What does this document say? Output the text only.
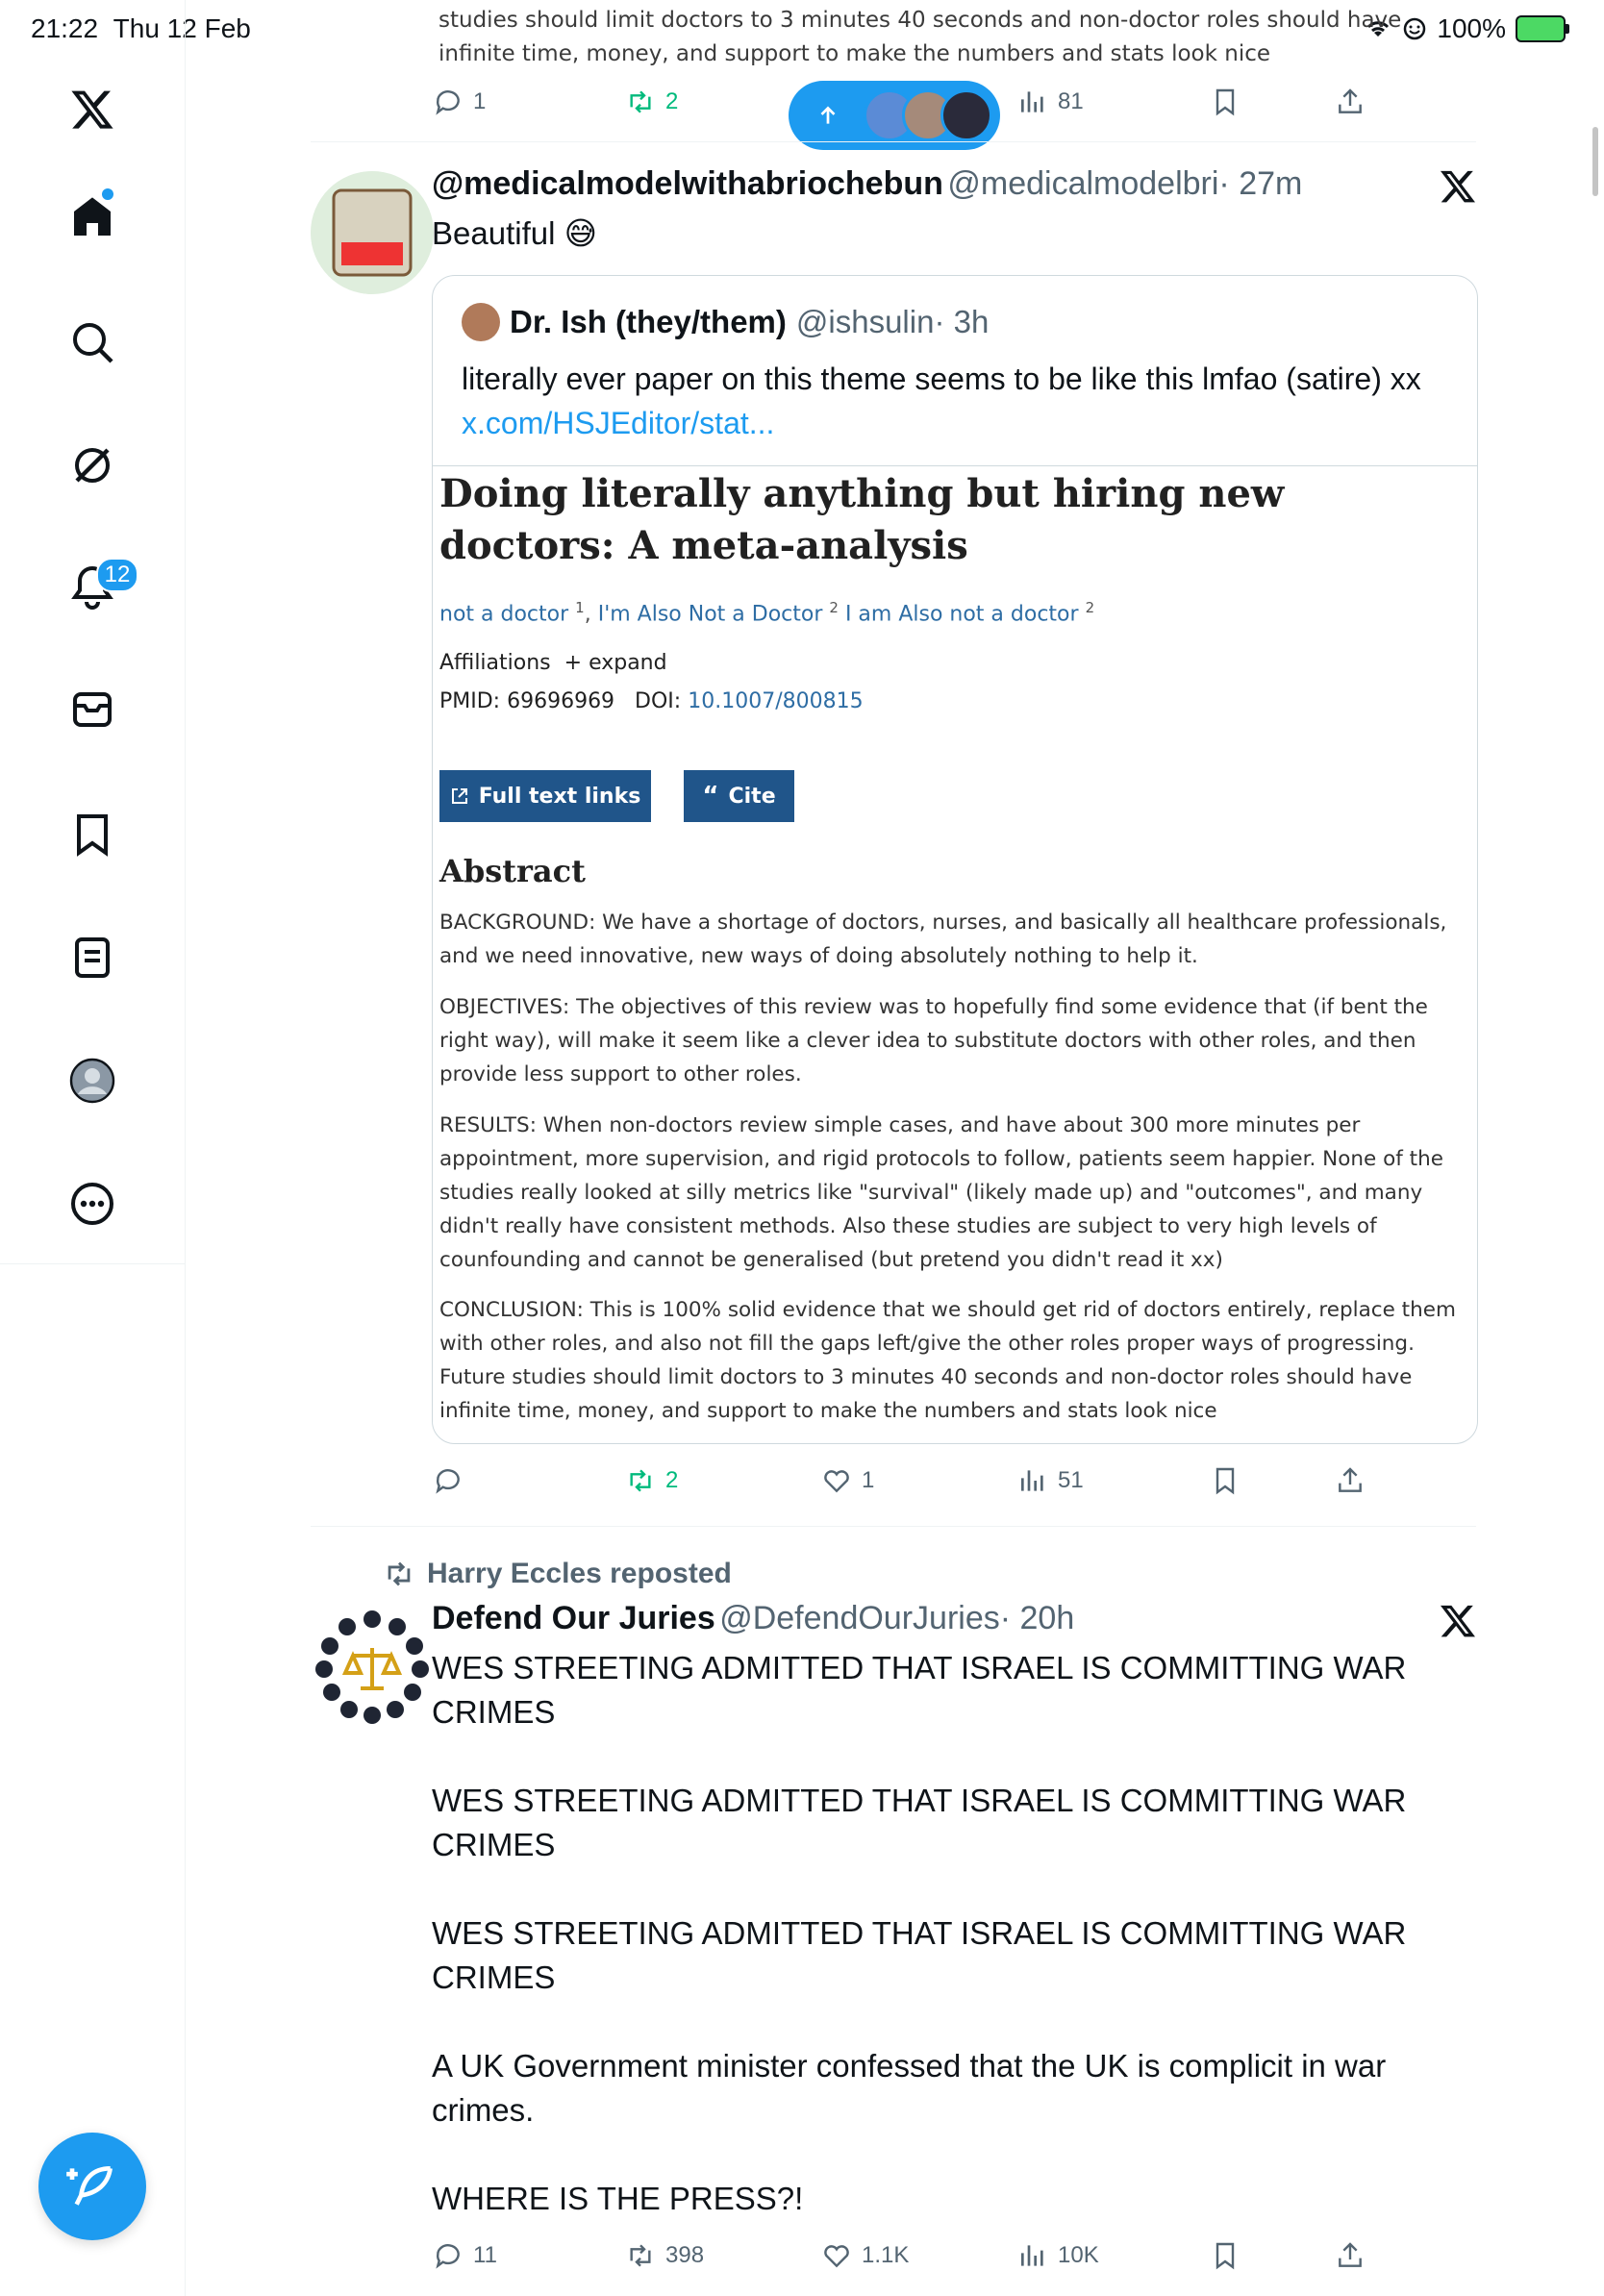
21:22 Thu 12 Feb	100%
12
studies should limit doctors to 3 minutes 40 seconds and non-doctor roles should have infinite time, money, and support to make the numbers and stats look nice
1	2	81
@medicalmodelwithabriochebun @medicalmodelbri· 27m
Beautiful 😅
Dr. Ish (they/them) @ishsulin · 3h
literally ever paper on this theme seems to be like this lmfao (satire) xx x.com/HSJEditor/stat...
Doing literally anything but hiring new doctors: A meta-analysis
not a doctor $^1$, I'm Also Not a Doctor $^2$ I am Also not a doctor $^2$
Affiliations + expand
PMID: 69696969 DOI: 10.1007/800815
Full text links “ Cite
Abstract
BACKGROUND: We have a shortage of doctors, nurses, and basically all healthcare professionals, and we need innovative, new ways of doing absolutely nothing to help it.
OBJECTIVES: The objectives of this review was to hopefully find some evidence that (if bent the right way), will make it seem like a clever idea to substitute doctors with other roles, and then provide less support to other roles.
RESULTS: When non-doctors review simple cases, and have about 300 more minutes per appointment, more supervision, and rigid protocols to follow, patients seem happier. None of the studies really looked at silly metrics like "survival" (likely made up) and "outcomes", and many didn't really have consistent methods. Also these studies are subject to very high levels of counfounding and cannot be generalised (but pretend you didn't read it xx)
CONCLUSION: This is 100% solid evidence that we should get rid of doctors entirely, replace them with other roles, and also not fill the gaps left/give the other roles proper ways of progressing. Future studies should limit doctors to 3 minutes 40 seconds and non-doctor roles should have infinite time, money, and support to make the numbers and stats look nice
2	1	51
Harry Eccles reposted
Defend Our Juries @DefendOurJuries· 20h
WES STREETING ADMITTED THAT ISRAEL IS COMMITTING WAR CRIMES
WES STREETING ADMITTED THAT ISRAEL IS COMMITTING WAR CRIMES
WES STREETING ADMITTED THAT ISRAEL IS COMMITTING WAR CRIMES
A UK Government minister confessed that the UK is complicit in war crimes.
WHERE IS THE PRESS?!
11	398	1.1K	10K
